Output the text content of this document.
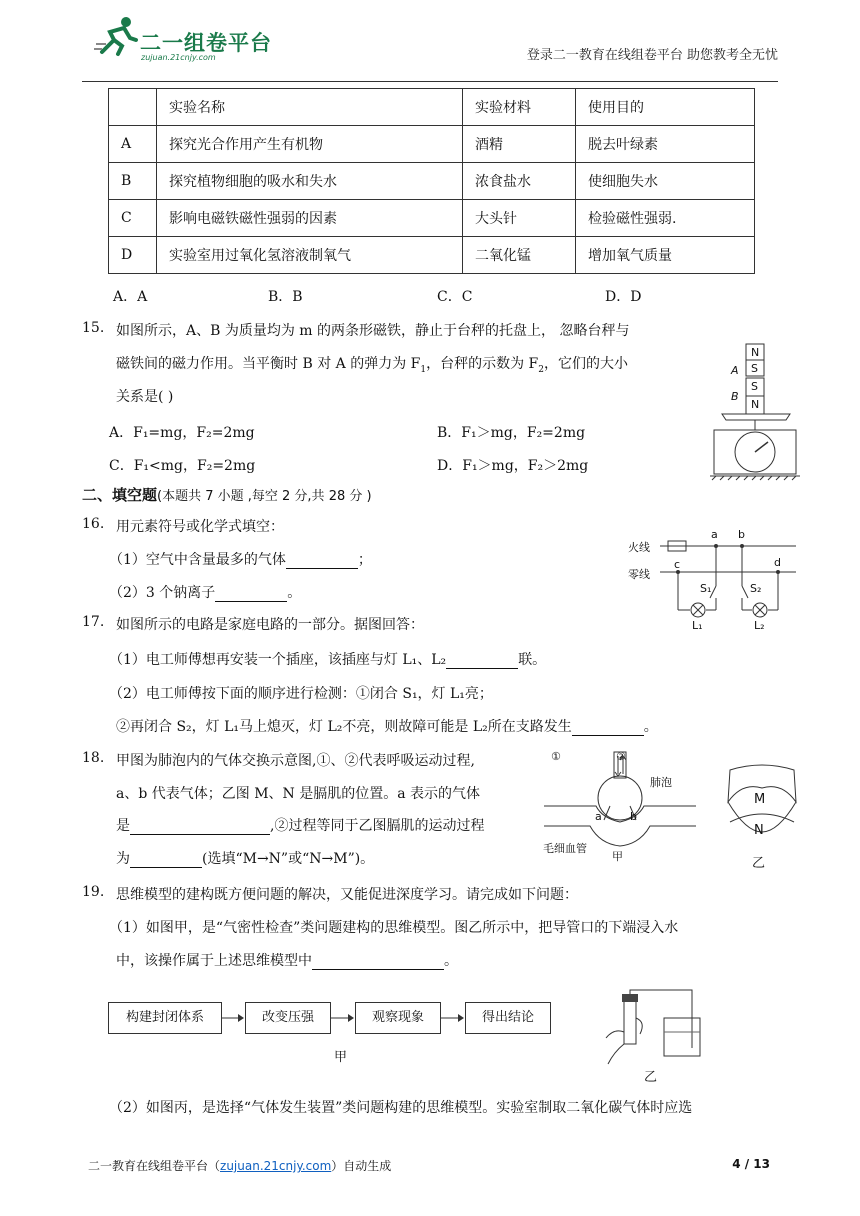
二一组卷平台
zujuan.21cnjy.com	登录二一教育在线组卷平台 助您教考全无忧
	实验名称	实验材料	使用目的
A	探究光合作用产生有机物	酒精	脱去叶绿素
B	探究植物细胞的吸水和失水	浓食盐水	使细胞失水
C	影响电磁铁磁性强弱的因素	大头针	检验磁性强弱.
D	实验室用过氧化氢溶液制氧气	二氧化锰	增加氧气质量
A．A	B．B	C．C	D．D
15. 如图所示，A、B 为质量均为 m 的两条形磁铁，静止于台秤的托盘上， 忽略台秤与
磁铁间的磁力作用。当平衡时 B 对 A 的弹力为 $F_1$，台秤的示数为 $F_2$，它们的大小
关系是( )
A．F₁=mg，F₂=2mg	B．F₁＞mg，F₂=2mg
C．F₁<mg，F₂=2mg	D．F₁＞mg，F₂＞2mg
N
S
S
N
A
B
二、填空题(本题共 7 小题 ,每空 2 分,共 28 分 )
16. 用元素符号或化学式填空：
（1）空气中含量最多的气体	；
（2）3 个钠离子	。
火线
零线
a b
c	d
S₁	S₂
L₁	L₂
17. 如图所示的电路是家庭电路的一部分。据图回答：
（1）电工师傅想再安装一个插座，该插座与灯 L₁、L₂	联。
（2）电工师傅按下面的顺序进行检测：①闭合 S₁，灯 L₁亮；
②再闭合 S₂，灯 L₁马上熄灭，灯 L₂不亮，则故障可能是 L₂所在支路发生	。
18. 甲图为肺泡内的气体交换示意图,①、②代表呼吸运动过程,
a、b 代表气体；乙图 M、N 是膈肌的位置。a 表示的气体
是	,②过程等同于乙图膈肌的运动过程
为	(选填“M→N”或“N→M”)。
①	②
肺泡
a	b
毛细血管
甲
M
N
乙
19. 思维模型的建构既方便问题的解决，又能促进深度学习。请完成如下问题：
（1）如图甲，是“气密性检查”类问题建构的思维模型。图乙所示中，把导管口的下端浸入水
中，该操作属于上述思维模型中	。
构建封闭体系	改变压强	观察现象	得出结论
甲
乙
（2）如图丙，是选择“气体发生装置”类问题构建的思维模型。实验室制取二氧化碳气体时应选
二一教育在线组卷平台（zujuan.21cnjy.com）自动生成	4 / 13
